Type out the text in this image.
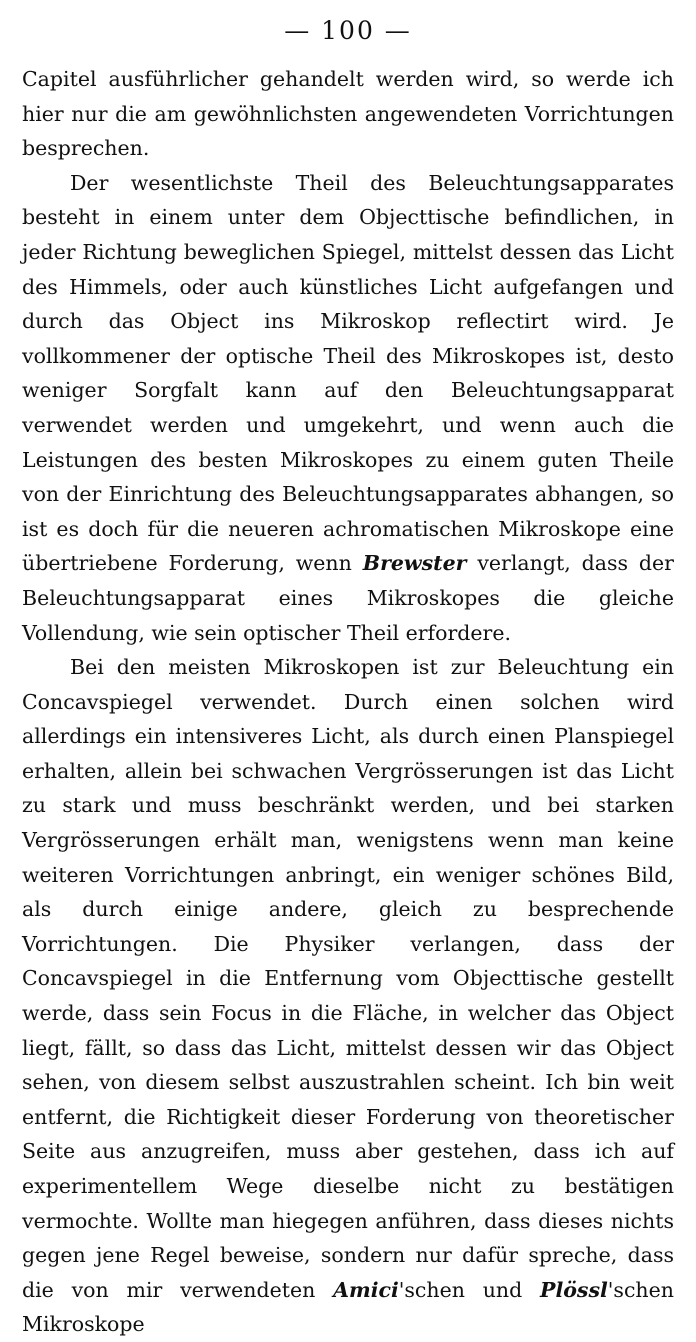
— 100 —

Capitel ausführlicher gehandelt werden wird, so werde ich hier nur die am gewöhnlichsten angewendeten Vorrichtungen besprechen.

Der wesentlichste Theil des Beleuchtungsapparates besteht in einem unter dem Objecttische befindlichen, in jeder Richtung beweglichen Spiegel, mittelst dessen das Licht des Himmels, oder auch künstliches Licht aufgefangen und durch das Object ins Mikroskop reflectirt wird. Je vollkommener der optische Theil des Mikroskopes ist, desto weniger Sorgfalt kann auf den Beleuchtungsapparat verwendet werden und umgekehrt, und wenn auch die Leistungen des besten Mikroskopes zu einem guten Theile von der Einrichtung des Beleuchtungsapparates abhangen, so ist es doch für die neueren achromatischen Mikroskope eine übertriebene Forderung, wenn Brewster verlangt, dass der Beleuchtungsapparat eines Mikroskopes die gleiche Vollendung, wie sein optischer Theil erfordere.

Bei den meisten Mikroskopen ist zur Beleuchtung ein Concavspiegel verwendet. Durch einen solchen wird allerdings ein intensiveres Licht, als durch einen Planspiegel erhalten, allein bei schwachen Vergrösserungen ist das Licht zu stark und muss beschränkt werden, und bei starken Vergrösserungen erhält man, wenigstens wenn man keine weiteren Vorrichtungen anbringt, ein weniger schönes Bild, als durch einige andere, gleich zu besprechende Vorrichtungen. Die Physiker verlangen, dass der Concavspiegel in die Entfernung vom Objecttische gestellt werde, dass sein Focus in die Fläche, in welcher das Object liegt, fällt, so dass das Licht, mittelst dessen wir das Object sehen, von diesem selbst auszustrahlen scheint. Ich bin weit entfernt, die Richtigkeit dieser Forderung von theoretischer Seite aus anzugreifen, muss aber gestehen, dass ich auf experimentellem Wege dieselbe nicht zu bestätigen vermochte. Wollte man hiegegen anführen, dass dieses nichts gegen jene Regel beweise, sondern nur dafür spreche, dass die von mir verwendeten Amici'schen und Plössl'schen Mikroskope
